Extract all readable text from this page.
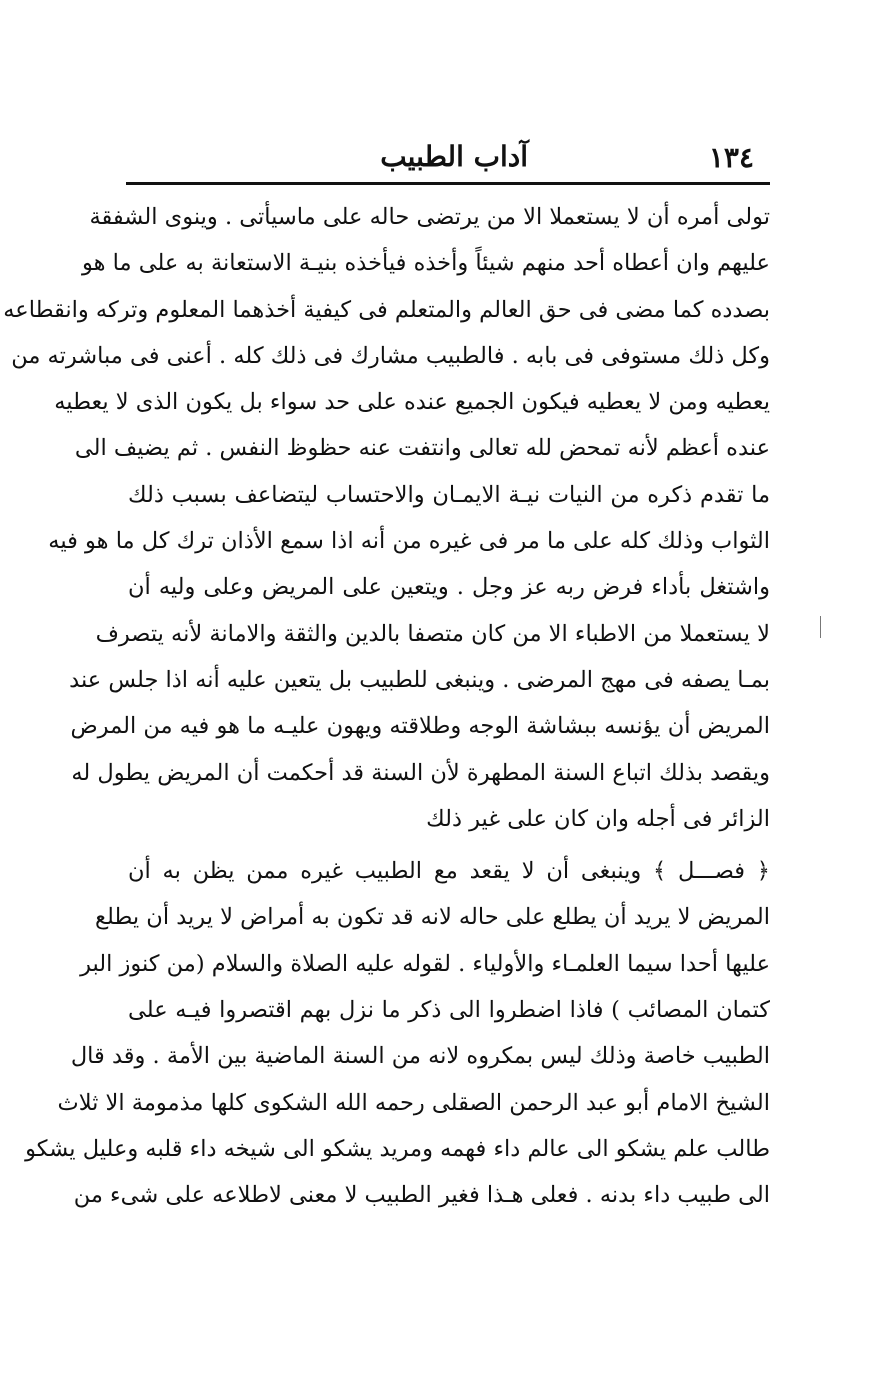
١٣٤
آداب الطبيب
تولى أمره أن لا يستعملا الا من يرتضى حاله على ماسيأتى . وينوى الشفقة
عليهم وان أعطاه أحد منهم شيئاً وأخذه فيأخذه بنيـة الاستعانة به على ما هو
بصدده كما مضى فى حق العالم والمتعلم فى كيفية أخذهما المعلوم وتركه وانقطاعه
وكل ذلك مستوفى فى بابه . فالطبيب مشارك فى ذلك كله . أعنى فى مباشرته من
يعطيه ومن لا يعطيه فيكون الجميع عنده على حد سواء بل يكون الذى لا يعطيه
عنده أعظم لأنه تمحض لله تعالى وانتفت عنه حظوظ النفس . ثم يضيف الى
ما تقدم ذكره من النيات نيـة الايمـان والاحتساب ليتضاعف بسبب ذلك
الثواب وذلك كله على ما مر فى غيره من أنه اذا سمع الأذان ترك كل ما هو فيه
واشتغل بأداء فرض ربه عز وجل . ويتعين على المريض وعلى وليه أن
لا يستعملا من الاطباء الا من كان متصفا بالدين والثقة والامانة لأنه يتصرف
بمـا يصفه فى مهج المرضى . وينبغى للطبيب بل يتعين عليه أنه اذا جلس عند
المريض أن يؤنسه ببشاشة الوجه وطلاقته ويهون عليـه ما هو فيه من المرض
ويقصد بذلك اتباع السنة المطهرة لأن السنة قد أحكمت أن المريض يطول له
الزائر فى أجله وان كان على غير ذلك
﴿ فصـــل ﴾ وينبغى أن لا يقعد مع الطبيب غيره ممن يظن به أن
المريض لا يريد أن يطلع على حاله لانه قد تكون به أمراض لا يريد أن يطلع
عليها أحدا سيما العلمـاء والأولياء . لقوله عليه الصلاة والسلام (من كنوز البر
كتمان المصائب ) فاذا اضطروا الى ذكر ما نزل بهم اقتصروا فيـه على
الطبيب خاصة وذلك ليس بمكروه لانه من السنة الماضية بين الأمة . وقد قال
الشيخ الامام أبو عبد الرحمن الصقلى رحمه الله الشكوى كلها مذمومة الا ثلاث
طالب علم يشكو الى عالم داء فهمه ومريد يشكو الى شيخه داء قلبه وعليل يشكو
الى طبيب داء بدنه . فعلى هـذا فغير الطبيب لا معنى لاطلاعه على شىء من
